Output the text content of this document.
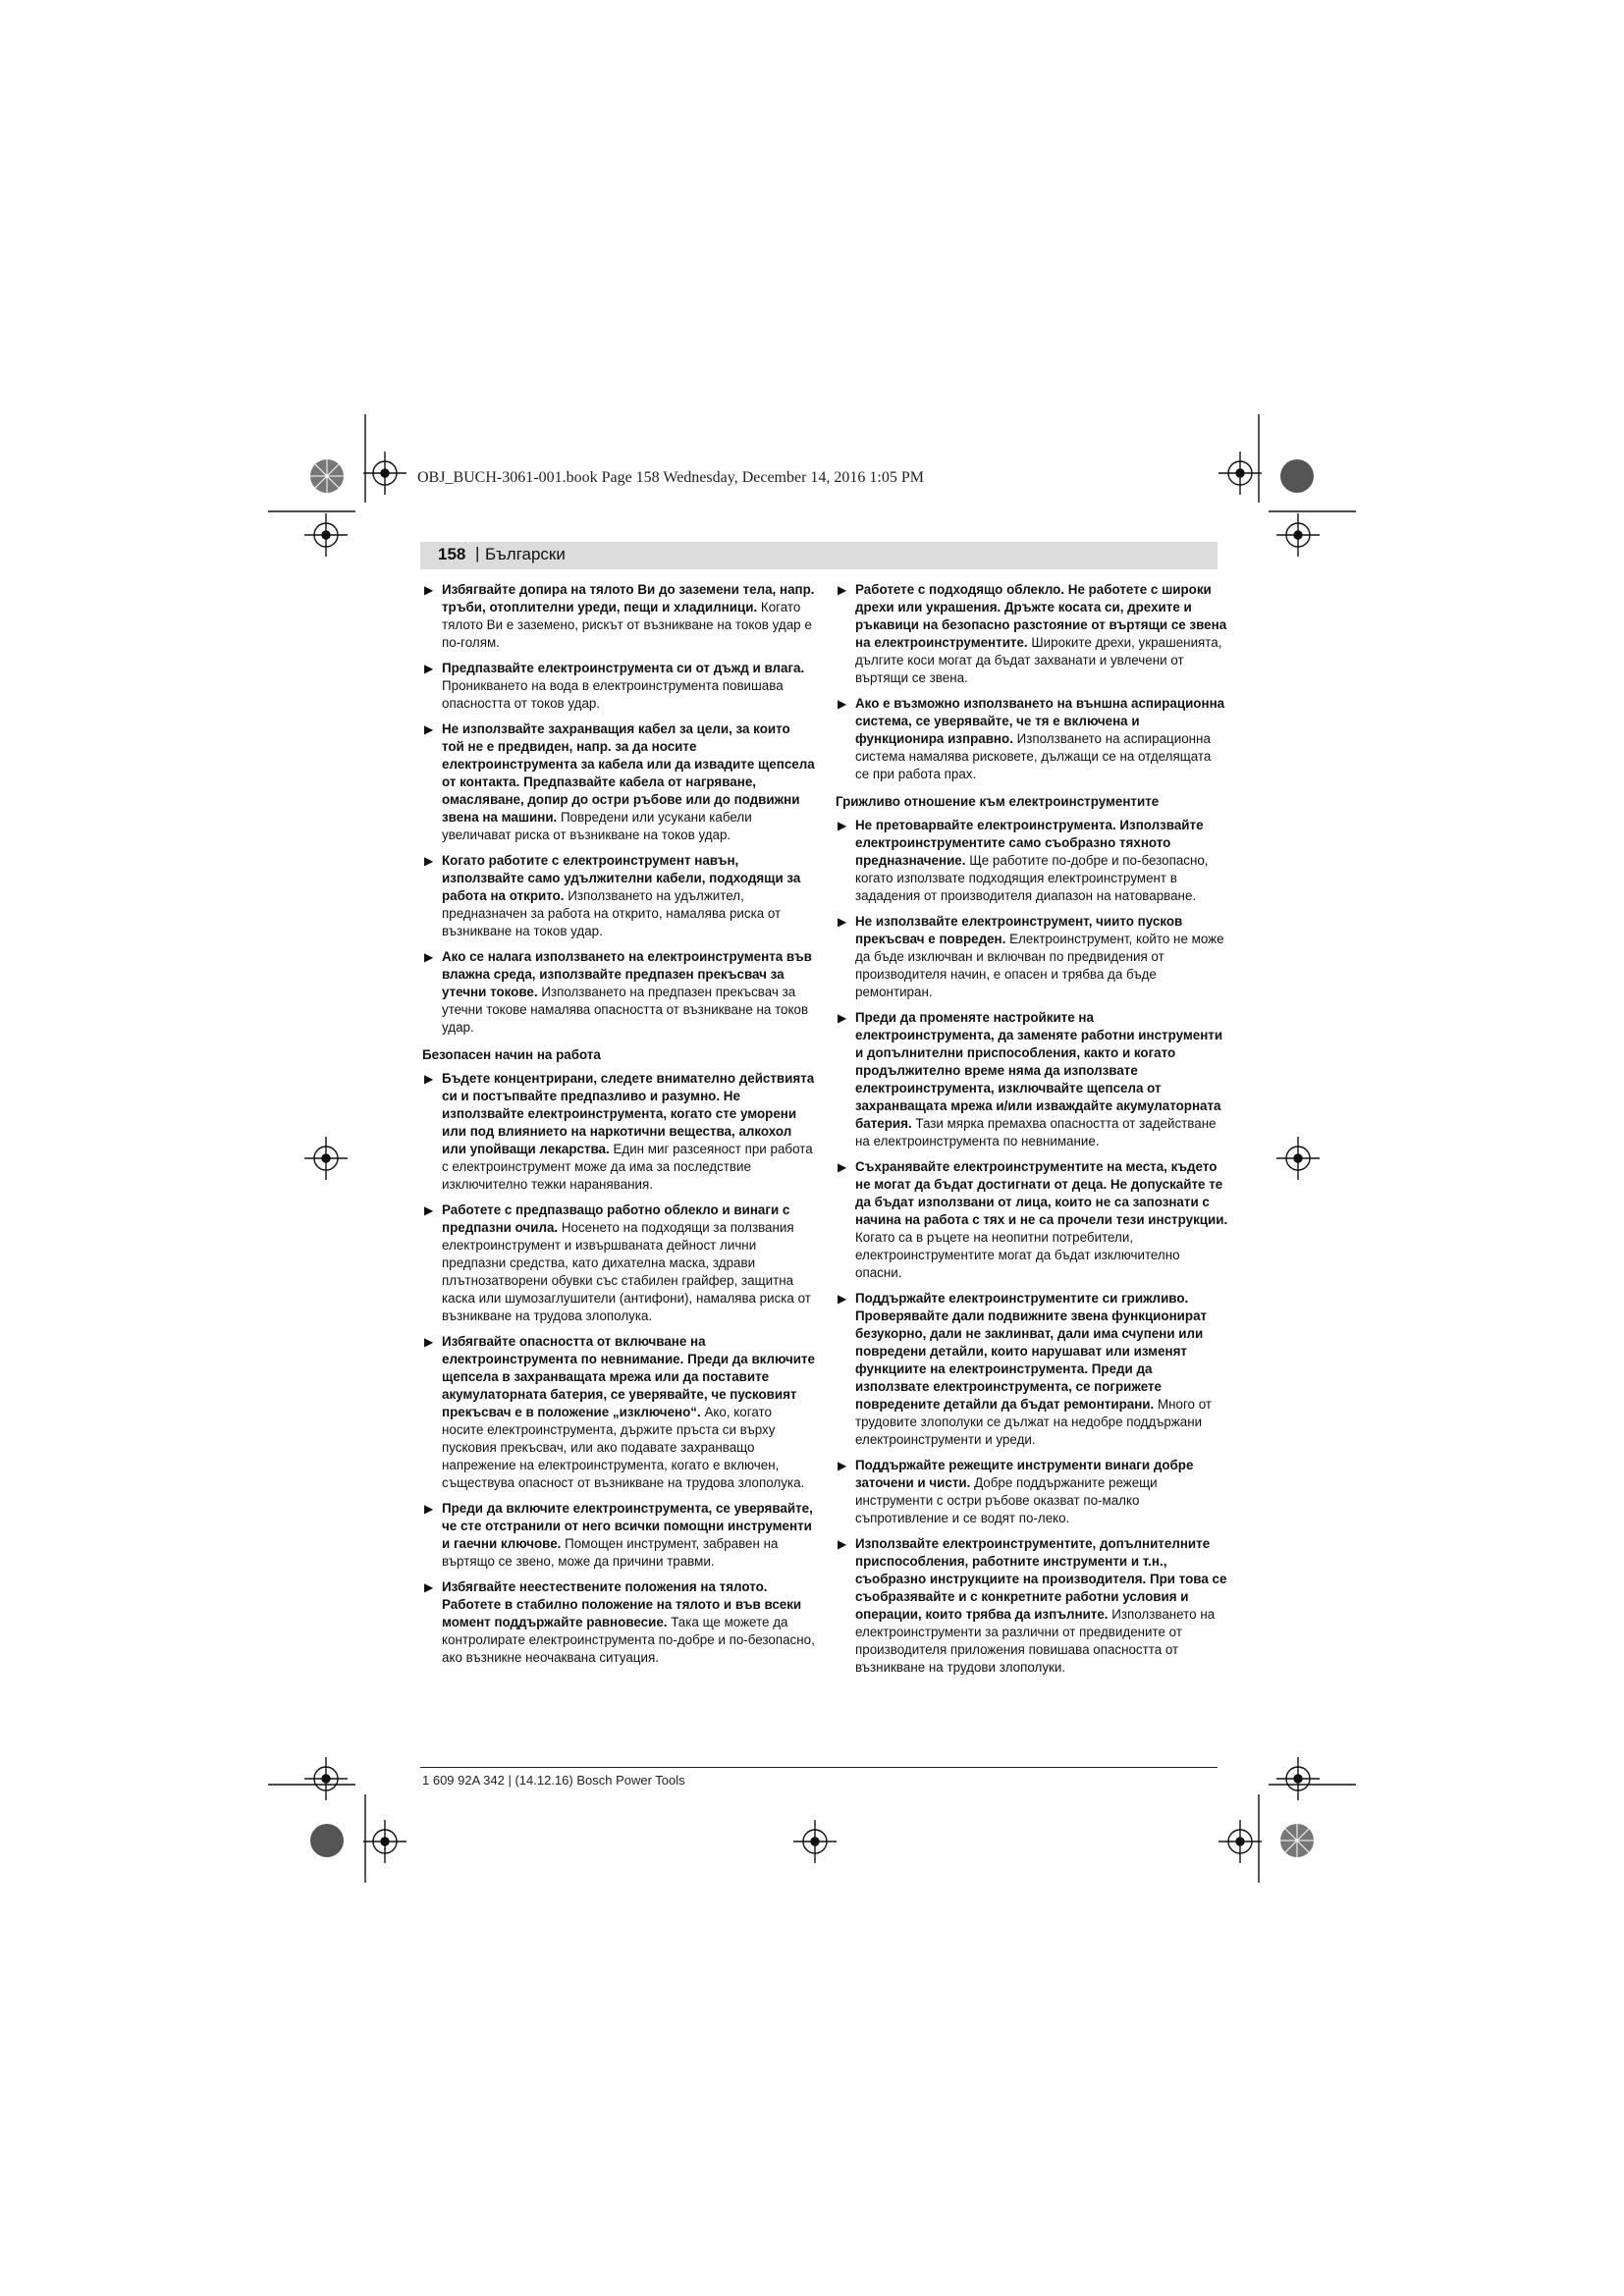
OBJ_BUCH-3061-001.book Page 158 Wednesday, December 14, 2016 1:05 PM
158 | Български
▶ Избягвайте допира на тялото Ви до заземени тела, напр. тръби, отоплителни уреди, пещи и хладилници. Когато тялото Ви е заземено, рискът от възникване на токов удар е по-голям.
▶ Предпазвайте електроинструмента си от дъжд и влага. Проникването на вода в електроинструмента повишава опасността от токов удар.
▶ Не използвайте захранващия кабел за цели, за които той не е предвиден, напр. за да носите електроинструмента за кабела или да извадите щепсела от контакта. Предпазвайте кабела от нагряване, омасляване, допир до остри ръбове или до подвижни звена на машини. Повредени или усукани кабели увеличават риска от възникване на токов удар.
▶ Когато работите с електроинструмент навън, използвайте само удължителни кабели, подходящи за работа на открито. Използването на удължител, предназначен за работа на открито, намалява риска от възникване на токов удар.
▶ Ако се налага използването на електроинструмента във влажна среда, използвайте предпазен прекъсвач за утечни токове. Използването на предпазен прекъсвач за утечни токове намалява опасността от възникване на токов удар.
Безопасен начин на работа
▶ Бъдете концентрирани, следете внимателно действията си и постъпвайте предпазливо и разумно. Не използвайте електроинструмента, когато сте уморени или под влиянието на наркотични вещества, алкохол или упойващи лекарства. Един миг разсеяност при работа с електроинструмент може да има за последствие изключително тежки наранявания.
▶ Работете с предпазващо работно облекло и винаги с предпазни очила. Носенето на подходящи за ползвания електроинструмент и извършваната дейност лични предпазни средства, като дихателна маска, здрави плътнозатворени обувки със стабилен грайфер, защитна каска или шумозаглушители (антифони), намалява риска от възникване на трудова злополука.
▶ Избягвайте опасността от включване на електроинструмента по невнимание. Преди да включите щепсела в захранващата мрежа или да поставите акумулаторната батерия, се уверявайте, че пусковият прекъсвач е в положение „изключено“. Ако, когато носите електроинструмента, държите пръста си върху пусковия прекъсвач, или ако подавате захранващо напрежение на електроинструмента, когато е включен, съществува опасност от възникване на трудова злополука.
▶ Преди да включите електроинструмента, се уверявайте, че сте отстранили от него всички помощни инструменти и гаечни ключове. Помощен инструмент, забравен на въртящо се звено, може да причини травми.
▶ Избягвайте неестествените положения на тялото. Работете в стабилно положение на тялото и във всеки момент поддържайте равновесие. Така ще можете да контролирате електроинструмента по-добре и по-безопасно, ако възникне неочаквана ситуация.
▶ Работете с подходящо облекло. Не работете с широки дрехи или украшения. Дръжте косата си, дрехите и ръкавици на безопасно разстояние от въртящи се звена на електроинструментите. Широките дрехи, украшенията, дългите коси могат да бъдат захванати и увлечени от въртящи се звена.
▶ Ако е възможно използването на външна аспирационна система, се уверявайте, че тя е включена и функционира изправно. Използването на аспирационна система намалява рисковете, дължащи се на отделящата се при работа прах.
Грижливо отношение към електроинструментите
▶ Не претоварвайте електроинструмента. Използвайте електроинструментите само съобразно тяхното предназначение. Ще работите по-добре и по-безопасно, когато използвате подходящия електроинструмент в зададения от производителя диапазон на натоварване.
▶ Не използвайте електроинструмент, чиито пусков прекъсвач е повреден. Електроинструмент, който не може да бъде изключван и включван по предвидения от производителя начин, е опасен и трябва да бъде ремонтиран.
▶ Преди да променяте настройките на електроинструмента, да заменяте работни инструменти и допълнителни приспособления, както и когато продължително време няма да използвате електроинструмента, изключвайте щепсела от захранващата мрежа и/или изваждайте акумулаторната батерия. Тази мярка премахва опасността от задействане на електроинструмента по невнимание.
▶ Съхранявайте електроинструментите на места, където не могат да бъдат достигнати от деца. Не допускайте те да бъдат използвани от лица, които не са запознати с начина на работа с тях и не са прочели тези инструкции. Когато са в ръцете на неопитни потребители, електроинструментите могат да бъдат изключително опасни.
▶ Поддържайте електроинструментите си грижливо. Проверявайте дали подвижните звена функционират безукорно, дали не заклинват, дали има счупени или повредени детайли, които нарушават или изменят функциите на електроинструмента. Преди да използвате електроинструмента, се погрижете повредените детайли да бъдат ремонтирани. Много от трудовите злополуки се дължат на недобре поддържани електроинструменти и уреди.
▶ Поддържайте режещите инструменти винаги добре заточени и чисти. Добре поддържаните режещи инструменти с остри ръбове оказват по-малко съпротивление и се водят по-леко.
▶ Използвайте електроинструментите, допълнителните приспособления, работните инструменти и т.н., съобразно инструкциите на производителя. При това се съобразявайте и с конкретните работни условия и операции, които трябва да изпълните. Използването на електроинструменти за различни от предвидените от производителя приложения повишава опасността от възникване на трудови злополуки.
1 609 92A 342 | (14.12.16) Bosch Power Tools
